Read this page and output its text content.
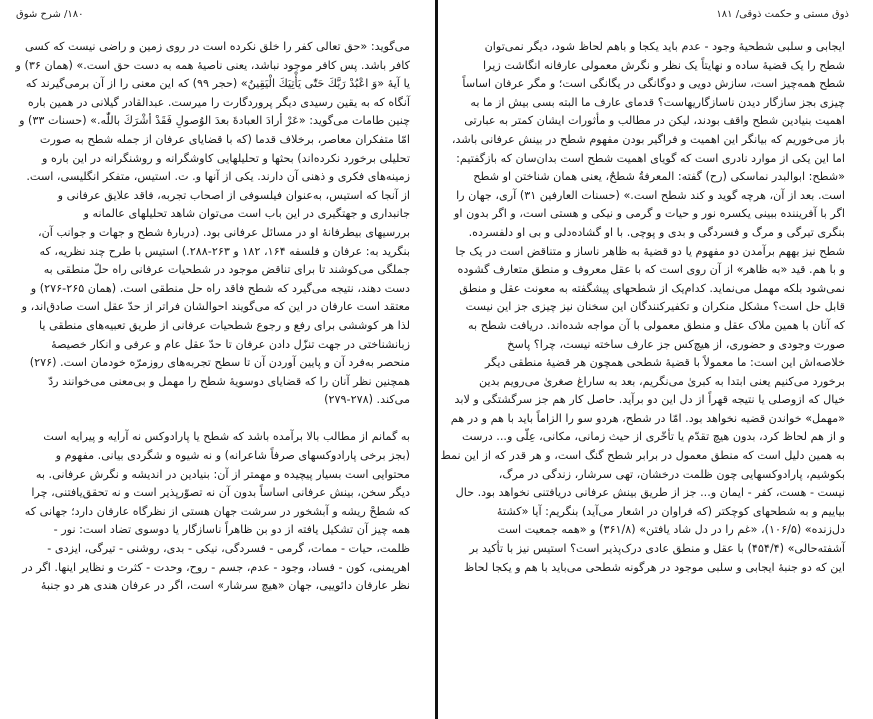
۱۸۰/ شرح شوق
می‌گوید: «حق تعالی کفر را خلق نکرده است در روی زمین و راضی نیست که کسی
کافر باشد. پس کافر موجود نباشد، یعنی ناصیهٔ همه به دست حق است.» (همان ۳۶) و
یا آیهٔ «وَ اعْبُدْ رَبَّكَ حَتّٰى یَأْتِیَكَ الْیَقِینُ» (حجر ۹۹) که این معنی را از آن برمی‌گیرند که
آنگاه که به یقین رسیدی دیگر پروردگارت را میرست. عبدالقادر گیلانی در همین باره
چنین طامات می‌گوید: «عَرْ أرادَ العبادةَ بعدَ الوُصولِ فَقَدْ أشْرَكَ باللّٰه.» (حسنات ۳۳) و
امّا متفکران معاصر، برخلاف قدما (که با قضایای عرفان از جمله شطح به صورت
تحلیلی برخورد نکرده‌اند) بحثها و تحلیلهایی کاوشگرانه و روشنگرانه در این باره و
زمینه‌های فکری و ذهنی آن دارند. یکی از آنها و. ت. استیس، متفکر انگلیسی، است.
از آنجا که استیس، به‌عنوان فیلسوفی از اصحاب تجربه، فاقد علایق عرفانی و
جانبداری و جهتگیری در این باب است می‌توان شاهد تحلیلهای عالمانه و
بررسیهای بیطرفانهٔ او در مسائل عرفانی بود. (دربارهٔ شطح و جهات و جوانب آن،
بنگرید به: عرفان و فلسفه ۱۶۴، ۱۸۲ و ۲۶۳-۲۸۸.) استیس با طرح چند نظریه، که
جملگی می‌کوشند تا برای تناقض موجود در شطحیات عرفانی راه حلّ منطقی به
دست دهند، نتیجه می‌گیرد که شطح فاقد راه حل منطقی است. (همان ۲۶۵-۲۷۶) و
معتقد است عارفان در این که می‌گویند احوالشان فراتر از حدّ عقل است صادق‌اند، و
لذا هر کوششی برای رفع و رجوع شطحیات عرفانی از طریق تعبیه‌های منطقی یا
زبانشناختی در جهت تنزّل دادن عرفان تا حدّ عقل عام و عرفی و انکار خصیصهٔ
منحصر به‌فرد آن و پایین آوردن آن تا سطح تجربه‌های روزمرّه خودمان است. (۲۷۶)
همچنین نظر آنان را که قضایای دوسویهٔ شطح را مهمل و بی‌معنی می‌خوانند ردّ
می‌کند. (۲۷۸-۲۷۹)
به گمانم از مطالب بالا برآمده باشد که شطح یا پارادوکس نه آرایه و پیرایه است
(بجز برخی پارادوکسهای صرفاً شاعرانه) و نه شیوه و شگردی بیانی. مفهوم و
محتوایی است بسیار پیچیده و مهمتر از آن: بنیادین در اندیشه و نگرش عرفانی. به
دیگر سخن، بینش عرفانی اساساً بدون آن نه تصوّرپذیر است و نه تحقق‌یافتنی، چرا
که شطحْ ریشه و آبشخور در سرشت جهان هستی از نظرگاه عارفان دارد؛ جهانی که
همه چیز آن تشکیل یافته از دو بن ظاهراً ناسازگار یا دوسوی تضاد است: نور -
ظلمت، حیات - ممات، گرمی - فسردگی، نیکی - بدی، روشنی - تیرگی، ایزدی -
اهریمنی، کون - فساد، وجود - عدم، جسم - روح، وحدت - کثرت و نظایر اینها. اگر در
نظر عارفان دائوییی، جهان «هیچ سرشار» است، اگر در عرفان هندی هر دو جنبهٔ
ذوق مستی و حکمت ذوقی/ ۱۸۱
ایجابی و سلبی شطحیهٔ وجود - عدم باید یکجا و باهم لحاظ شود، دیگر نمی‌توان
شطح را یک قضیهٔ ساده و نهایتاً یک نظر و نگرش معمولی عارفانه انگاشت زیرا
شطح همه‌چیز است، سازش دویی و دوگانگی در یگانگی است؛ و مگر عرفان اساساً
چیزی بجز سازگار دیدن ناسازگاریهاست؟ قدمای عارف ما البته بسی بیش از ما به
اهمیت بنیادین شطح واقف بودند، لیکن در مطالب و مأثورات ایشان کمتر به عبارتی
باز می‌خوریم که بیانگر این اهمیت و فراگیر بودن مفهوم شطح در بینش عرفانی باشد،
اما این یکی از موارد نادری است که گویای اهمیت شطح است بدان‌سان که بازگفتیم:
«شطح: ابوالبدر نماسکی (رح) گفته: المعرفةُ شطحٌ، یعنی همان شناختن او شطح
است. بعد از آن، هرچه گوید و کند شطح است.» (حسنات العارفین ۳۱) آری، جهان را
اگر با آفریننده ببینی یکسره نور و حیات و گرمی و نیکی و هستی است، و اگر بدون او
بنگری تیرگی و مرگ و فسردگی و بدی و پوچی. با او گشاده‌دلی و بی او دلفسرده.
شطح نیز بههم برآمدن دو مفهوم یا دو قضیهٔ به ظاهر ناساز و متناقض است در یک جا
و با هم. قید «به ظاهر» از آن روی است که با عقل معروف و منطق متعارف گشوده
نمی‌شود بلکه مهمل می‌نماید. کدام‌یک از شطحهای پیشگفته به معونت عقل و منطق
قابل حل است؟ مشکل منکران و تکفیرکنندگان این سخنان نیز چیزی جز این نیست
که آنان با همین ملاک عقل و منطق معمولی با آن مواجه شده‌اند. دریافت شطح به
صورت وجودی و حضوری، از هیچ‌کس جز عارف ساخته نیست، چرا؟ پاسخ
خلاصه‌اش این است: ما معمولاً با قضیهٔ شطحی همچون هر قضیهٔ منطقی دیگر
برخورد می‌کنیم یعنی ابتدا به کبریٰ می‌نگریم، بعد به ساراغ صغریٰ می‌رویم بدین
خیال که ازوصلی یا نتیجه قهراً از دل این دو برآید. حاصل کار هم جز سرگشتگی و لابد
«مهمل» خواندن قضیه نخواهد بود. امّا در شطح، هردو سو را الزاماً باید با هم و در هم
و از هم لحاظ کرد، بدون هیچ تقدّم یا تأخّری از حیث زمانی، مکانی، عِلّی و... درست
به همین دلیل است که منطق معمول در برابر شطح گنگ است، و هر قدر که از این نمط
بکوشیم، پارادوکسهایی چون ظلمت درخشان، تهی سرشار، زندگی در مرگ،
نیست - هست، کفر - ایمان و... جز از طریق بینش عرفانی دریافتنی نخواهد بود. حال
بیاییم و به شطحهای کوچکتر (که فراوان در اشعار می‌آید) بنگریم: آیا «کشتهٔ
دل‌زنده» (۱۰۶/۵)، «غم را در دل شاد یافتن» (۳۶۱/۸) و «همه جمعیت است
آشفته‌حالی» (۴۵۴/۴) با عقل و منطق عادی درک‌پذیر است؟ استیس نیز با تأکید بر
این که دو جنبهٔ ایجابی و سلبی موجود در هرگونه شطحی می‌باید با هم و یکجا لحاظ
